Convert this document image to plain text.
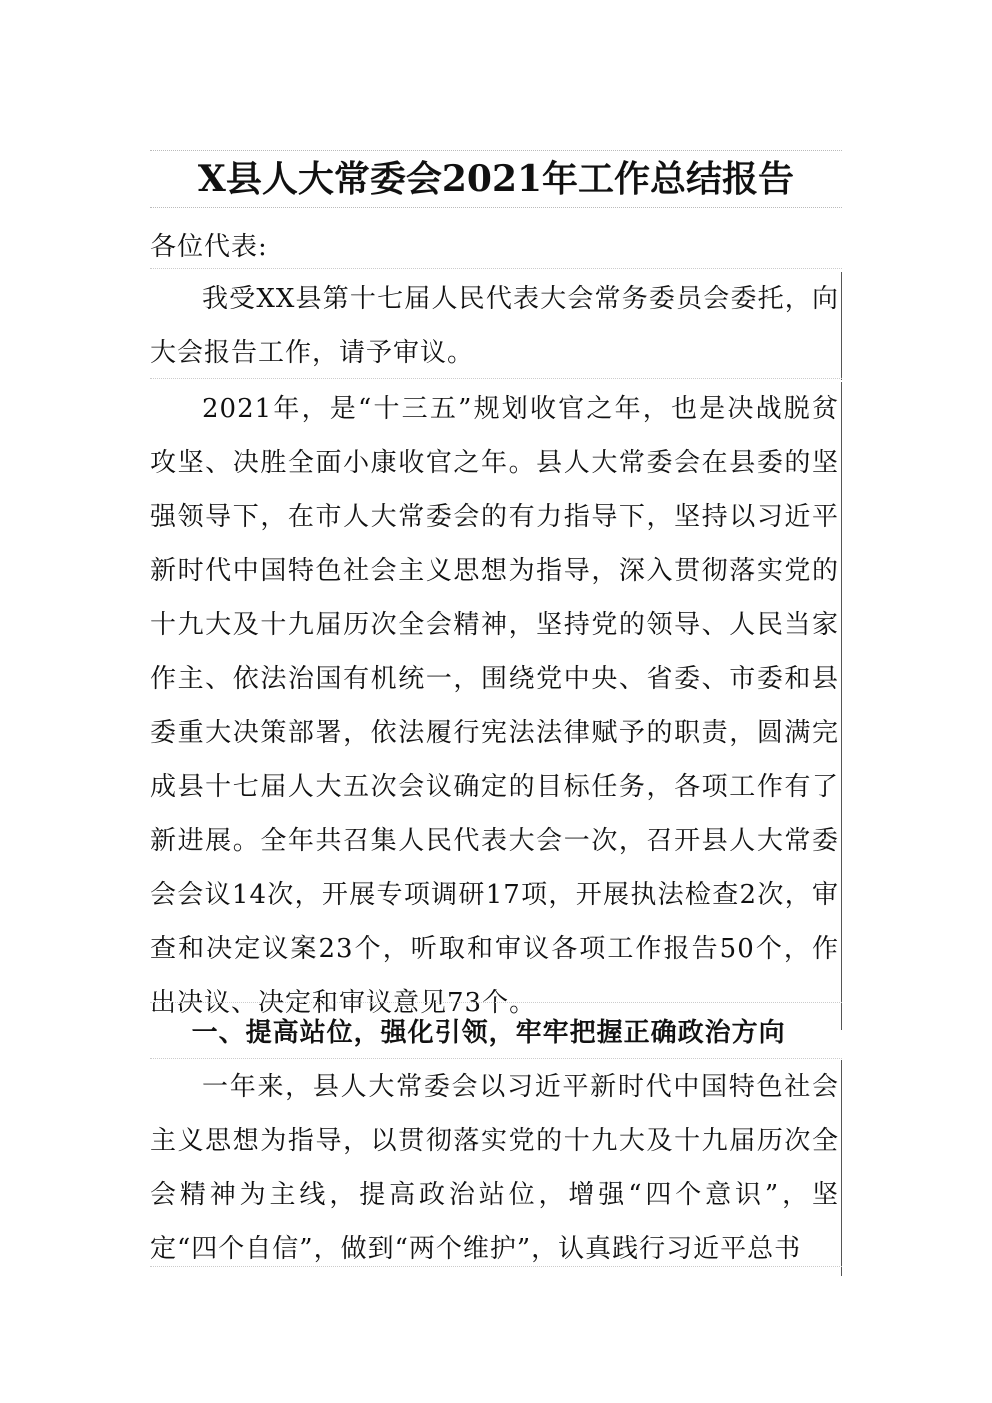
X县人大常委会2021年工作总结报告
各位代表:
我受XX县第十七届人民代表大会常务委员会委托，向大会报告工作，请予审议。
2021年，是“十三五”规划收官之年，也是决战脱贫攻坚、决胜全面小康收官之年。县人大常委会在县委的坚强领导下，在市人大常委会的有力指导下，坚持以习近平新时代中国特色社会主义思想为指导，深入贯彻落实党的十九大及十九届历次全会精神，坚持党的领导、人民当家作主、依法治国有机统一，围绕党中央、省委、市委和县委重大决策部署，依法履行宪法法律赋予的职责，圆满完成县十七届人大五次会议确定的目标任务，各项工作有了新进展。全年共召集人民代表大会一次，召开县人大常委会会议14次，开展专项调研17项，开展执法检查2次，审查和决定议案23个，听取和审议各项工作报告50个，作出决议、决定和审议意见73个。
一、提高站位，强化引领，牢牢把握正确政治方向
一年来，县人大常委会以习近平新时代中国特色社会主义思想为指导，以贯彻落实党的十九大及十九届历次全会精神为主线，提高政治站位，增强“四个意识”，坚定“四个自信”，做到“两个维护”，认真践行习近平总书
